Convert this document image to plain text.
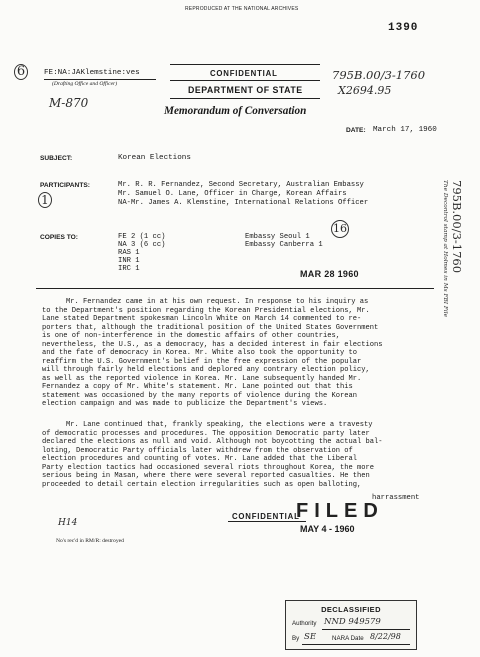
REPRODUCED AT THE NATIONAL ARCHIVES
1390
6	FE:NA:JAKlemstine:ves
(Drafting Office and Officer)
M-870
CONFIDENTIAL
DEPARTMENT OF STATE
Memorandum of Conversation
795B.00/3-1760
X2694.95
DATE: March 17, 1960
SUBJECT:	Korean Elections
1
PARTICIPANTS:	Mr. R. R. Fernandez, Second Secretary, Australian Embassy
Mr. Samuel O. Lane, Officer in Charge, Korean Affairs
NA-Mr. James A. Klemstine, International Relations Officer
COPIES TO:	FE 2 (1 cc)
NA 3 (6 cc)
RAS 1
INR 1
IRC 1
Embassy Seoul 1
Embassy Canberra 1
16
MAR 28 1960
795B.00/3-1760
The Decontrol stamp at Holmes in Ms FBI File
Mr. Fernandez came in at his own request. In response to his inquiry as
to the Department's position regarding the Korean Presidential elections, Mr.
Lane stated Department spokesman Lincoln White on March 14 commented to re-
porters that, although the traditional position of the United States Government
is one of non-interference in the domestic affairs of other countries,
nevertheless, the U.S., as a democracy, has a decided interest in fair elections
and the fate of democracy in Korea. Mr. White also took the opportunity to
reaffirm the U.S. Government's belief in the free expression of the popular
will through fairly held elections and deplored any contrary election policy,
as well as the reported violence in Korea. Mr. Lane subsequently handed Mr.
Fernandez a copy of Mr. White's statement. Mr. Lane pointed out that this
statement was occasioned by the many reports of violence during the Korean
election campaign and was made to publicize the Department's views.
Mr. Lane continued that, frankly speaking, the elections were a travesty
of democratic processes and procedures. The opposition Democratic party later
declared the elections as null and void. Although not boycotting the actual bal-
loting, Democratic Party officials later withdrew from the observation of
election procedures and counting of votes. Mr. Lane added that the Liberal
Party election tactics had occasioned several riots throughout Korea, the more
serious being in Masan, where there were several reported casualties. He then
proceeded to detail certain election irregularities such as open balloting,
harrassment
CONFIDENTIAL
FILED
MAY 4 - 1960
H14
No's rec'd in RM/R: destroyed
DECLASSIFIED
Authority NND 949579
By SE	NARA Date 8/22/98
